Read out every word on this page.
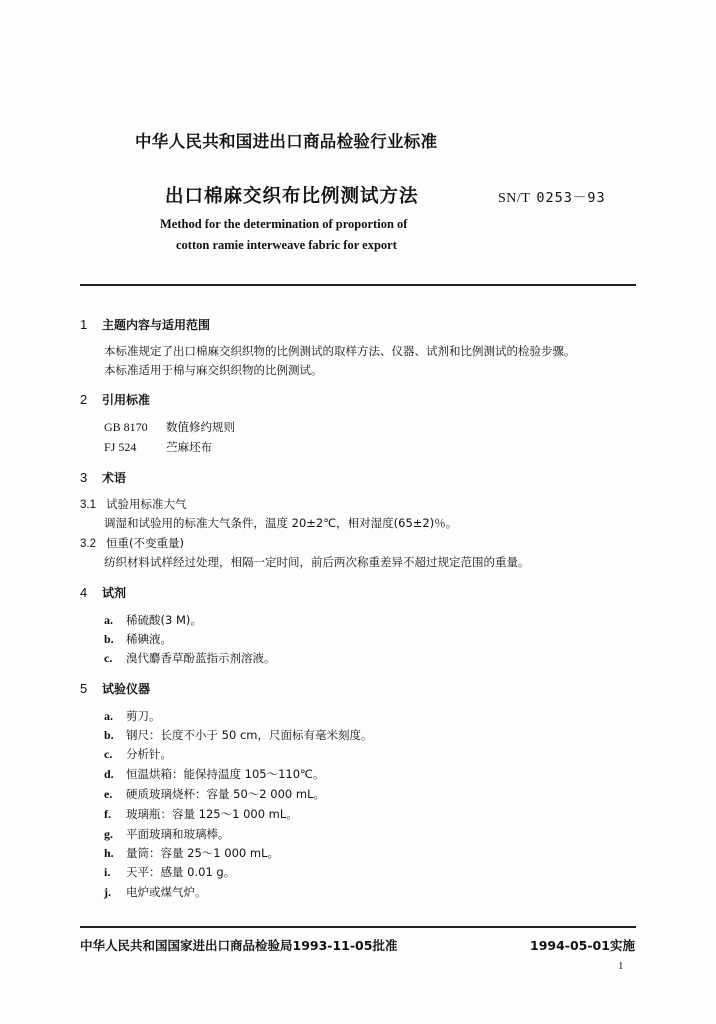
中华人民共和国进出口商品检验行业标准
出口棉麻交织布比例测试方法	SN/T 0253－93
Method for the determination of proportion of
cotton ramie interweave fabric for export
1 主题内容与适用范围
本标准规定了出口棉麻交织织物的比例测试的取样方法、仪器、试剂和比例测试的检验步骤。
本标准适用于棉与麻交织织物的比例测试。
2 引用标准
GB 8170 数值修约规则
FJ 524	苎麻坯布
3 术语
3.1 试验用标准大气
调湿和试验用的标准大气条件，温度 20±2℃，相对湿度(65±2)％。
3.2 恒重(不变重量)
纺织材料试样经过处理，相隔一定时间，前后两次称重差异不超过规定范围的重量。
4 试剂
a. 稀硫酸(3 M)。
b. 稀碘液。
c. 溴代麝香草酚蓝指示剂溶液。
5 试验仪器
a. 剪刀。
b. 钢尺：长度不小于 50 cm，尺面标有毫米刻度。
c. 分析针。
d. 恒温烘箱：能保持温度 105～110℃。
e. 硬质玻璃烧杯：容量 50～2 000 mL。
f. 玻璃瓶：容量 125～1 000 mL。
g. 平面玻璃和玻璃棒。
h. 量筒：容量 25～1 000 mL。
i. 天平：感量 0.01 g。
j. 电炉或煤气炉。
中华人民共和国国家进出口商品检验局1993-11-05批准	1994-05-01实施
1
